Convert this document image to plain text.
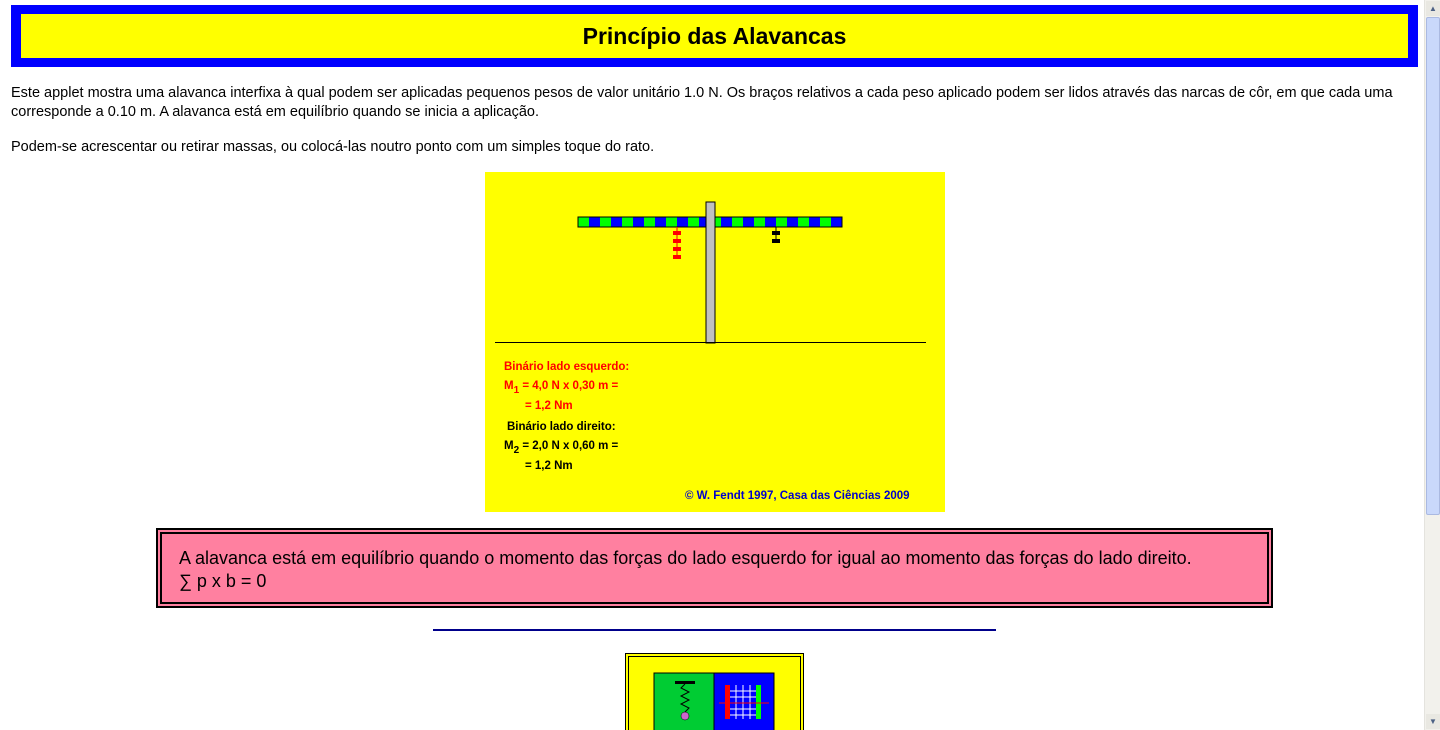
Princípio das Alavancas

Este applet mostra uma alavanca interfixa à qual podem ser aplicadas pequenos pesos de valor unitário 1.0 N. Os braços relativos a cada peso aplicado podem ser lidos através das narcas de côr, em que cada uma corresponde a 0.10 m. A alavanca está em equilíbrio quando se inicia a aplicação.

Podem-se acrescentar ou retirar massas, ou colocá-las noutro ponto com um simples toque do rato.

Binário lado esquerdo:
M1 = 4,0 N x 0,30 m =
= 1,2 Nm
Binário lado direito:
M2 = 2,0 N x 0,60 m =
= 1,2 Nm
© W. Fendt 1997, Casa das Ciências 2009
A alavanca está em equilíbrio quando o momento das forças do lado esquerdo for igual ao momento das forças do lado direito.
∑ p x b = 0
▲
▼
